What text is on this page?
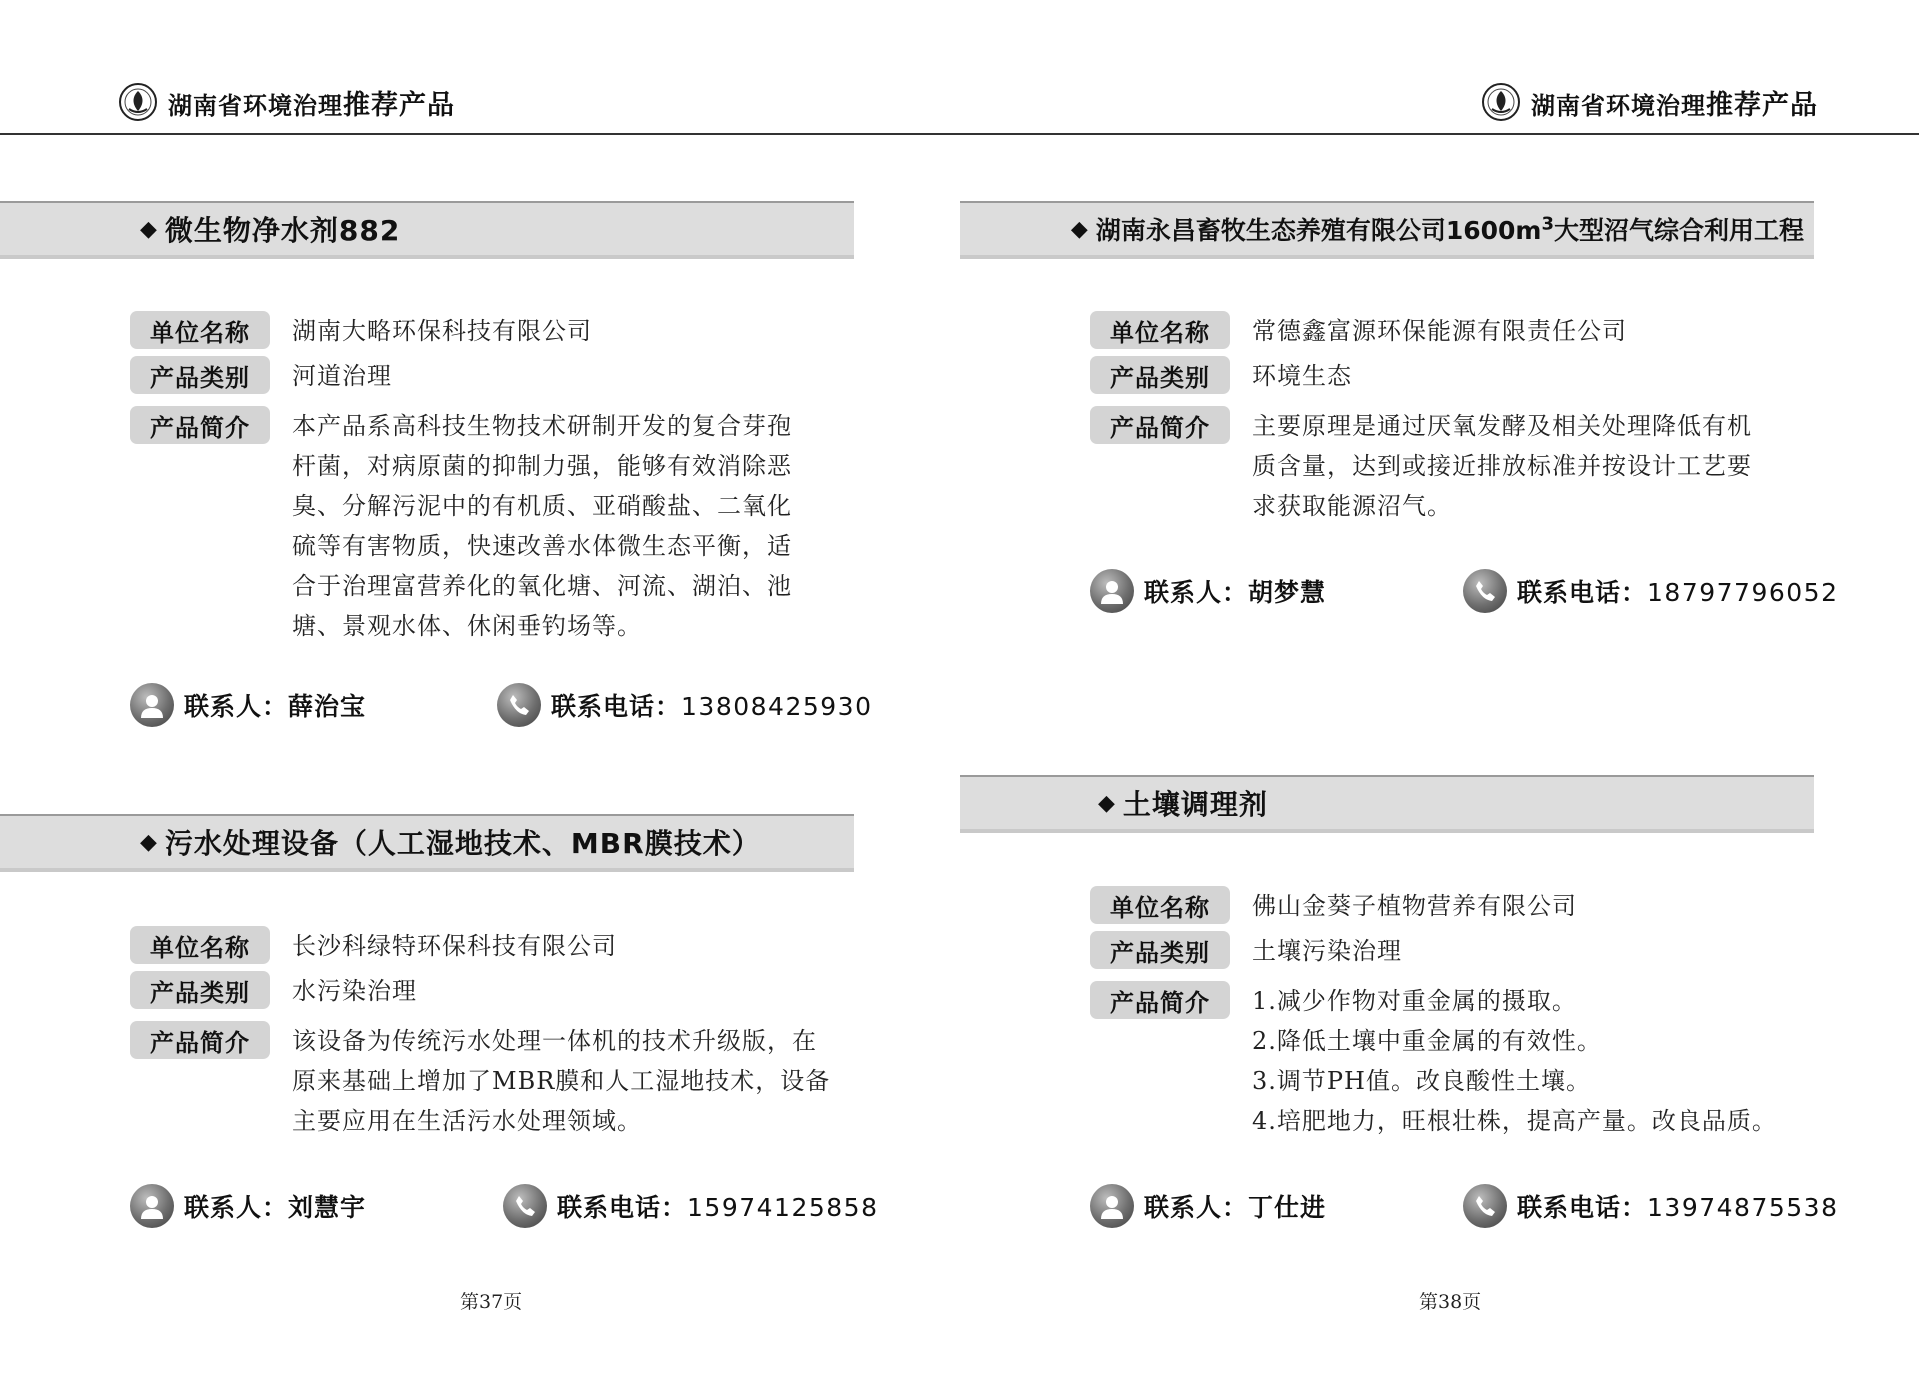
湖南省环境治理推荐产品	湖南省环境治理推荐产品
◆ 微生物净水剂882
单位名称	湖南大略环保科技有限公司
产品类别	河道治理
产品简介	本产品系高科技生物技术研制开发的复合芽孢
杆菌，对病原菌的抑制力强，能够有效消除恶
臭、分解污泥中的有机质、亚硝酸盐、二氧化
硫等有害物质，快速改善水体微生态平衡，适
合于治理富营养化的氧化塘、河流、湖泊、池
塘、景观水体、休闲垂钓场等。
联系人：薛治宝	联系电话：13808425930
◆ 污水处理设备（人工湿地技术、MBR膜技术）
单位名称	长沙科绿特环保科技有限公司
产品类别	水污染治理
产品简介	该设备为传统污水处理一体机的技术升级版，在
原来基础上增加了MBR膜和人工湿地技术，设备
主要应用在生活污水处理领域。
联系人：刘慧宇	联系电话：15974125858
第37页
◆ 湖南永昌畜牧生态养殖有限公司$1600m^3$大型沼气综合利用工程
单位名称	常德鑫富源环保能源有限责任公司
产品类别	环境生态
产品简介	主要原理是通过厌氧发酵及相关处理降低有机
质含量，达到或接近排放标准并按设计工艺要
求获取能源沼气。
联系人：胡梦慧	联系电话：18797796052
◆ 土壤调理剂
单位名称	佛山金葵子植物营养有限公司
产品类别	土壤污染治理
产品简介	1.减少作物对重金属的摄取。
2.降低土壤中重金属的有效性。
3.调节PH值。改良酸性土壤。
4.培肥地力，旺根壮株，提高产量。改良品质。
联系人：丁仕进	联系电话：13974875538
第38页
